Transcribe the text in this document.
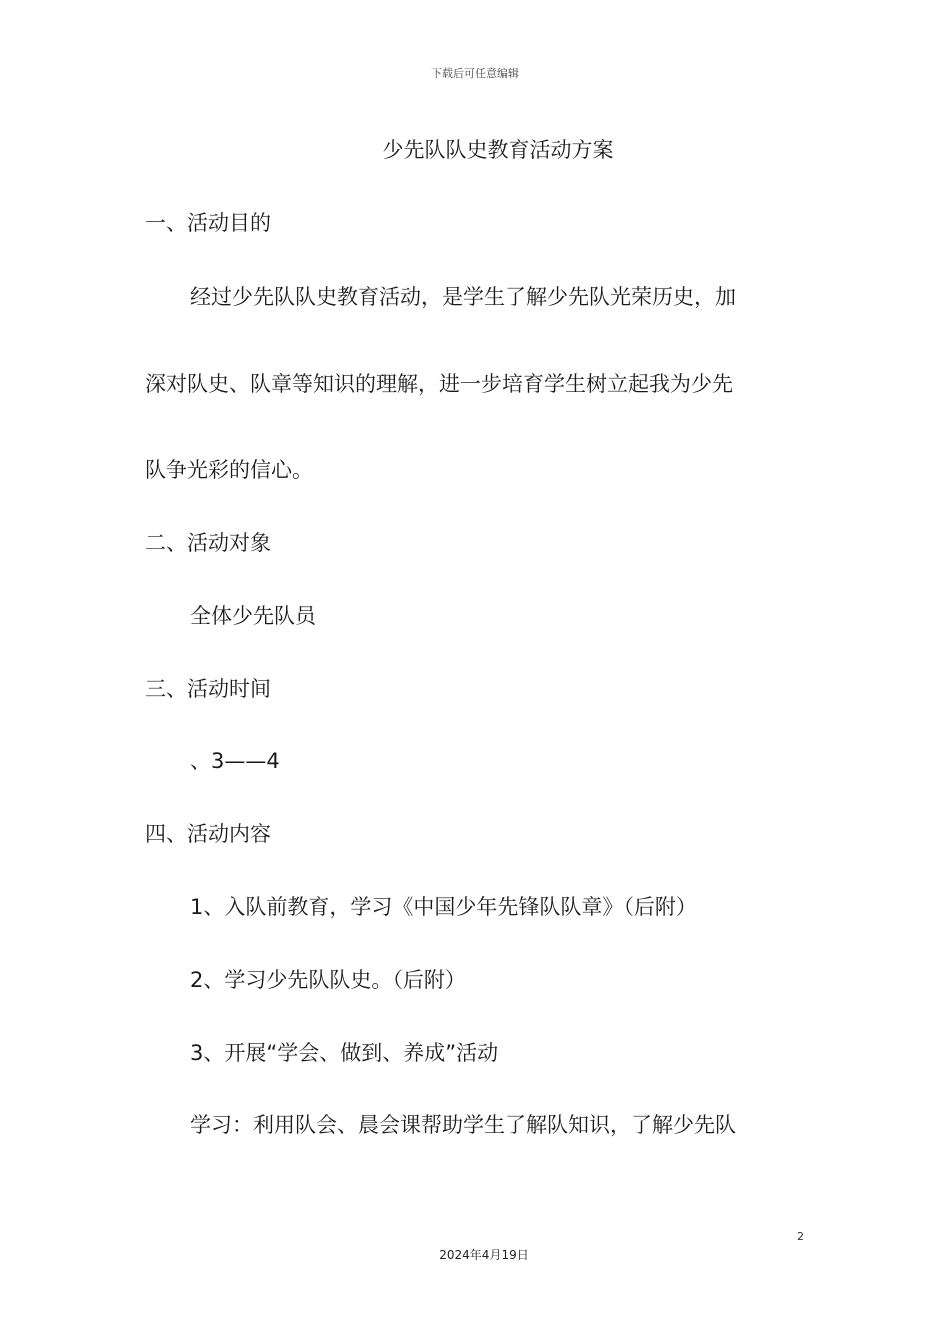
下载后可任意编辑
少先队队史教育活动方案
一、活动目的
经过少先队队史教育活动，是学生了解少先队光荣历史，加
深对队史、队章等知识的理解，进一步培育学生树立起我为少先
队争光彩的信心。
二、活动对象
全体少先队员
三、活动时间
、3——4
四、活动内容
1、入队前教育，学习《中国少年先锋队队章》（后附）
2、学习少先队队史。（后附）
3、开展“学会、做到、养成”活动
学习：利用队会、晨会课帮助学生了解队知识，了解少先队
2
2024年4月19日
